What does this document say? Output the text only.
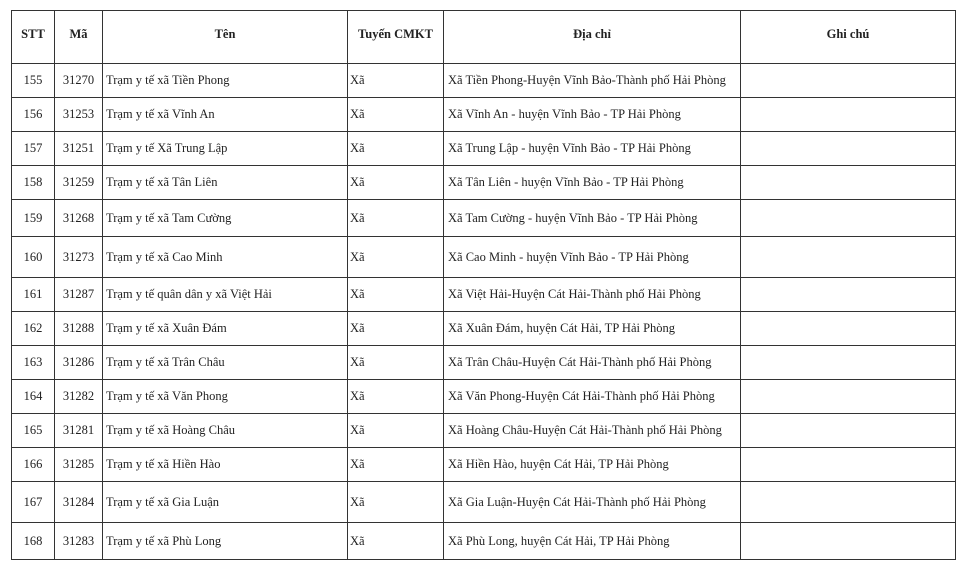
STT	Mã	Tên	Tuyến CMKT	Địa chỉ	Ghi chú
155	31270	Trạm y tế xã Tiền Phong	Xã	Xã Tiền Phong-Huyện Vĩnh Bảo-Thành phố Hải Phòng	
156	31253	Trạm y tế xã Vĩnh An	Xã	Xã Vĩnh An - huyện Vĩnh Bảo - TP Hải Phòng	
157	31251	Trạm y tế Xã Trung Lập	Xã	Xã Trung Lập - huyện Vĩnh Bảo - TP Hải Phòng	
158	31259	Trạm y tế xã Tân Liên	Xã	Xã Tân Liên - huyện Vĩnh Bảo - TP Hải Phòng	
159	31268	Trạm y tế xã Tam Cường	Xã	Xã Tam Cường - huyện Vĩnh Bảo - TP Hải Phòng	
160	31273	Trạm y tế xã Cao Minh	Xã	Xã Cao Minh - huyện Vĩnh Bảo - TP Hải Phòng	
161	31287	Trạm y tế quân dân y xã Việt Hải	Xã	Xã Việt Hải-Huyện Cát Hải-Thành phố Hải Phòng	
162	31288	Trạm y tế xã Xuân Đám	Xã	Xã Xuân Đám, huyện Cát Hải, TP Hải Phòng	
163	31286	Trạm y tế xã Trân Châu	Xã	Xã Trân Châu-Huyện Cát Hải-Thành phố Hải Phòng	
164	31282	Trạm y tế xã Văn Phong	Xã	Xã Văn Phong-Huyện Cát Hải-Thành phố Hải Phòng	
165	31281	Trạm y tế xã Hoàng Châu	Xã	Xã Hoàng Châu-Huyện Cát Hải-Thành phố Hải Phòng	
166	31285	Trạm y tế xã Hiền Hào	Xã	Xã Hiền Hào, huyện Cát Hải, TP Hải Phòng	
167	31284	Trạm y tế xã Gia Luận	Xã	Xã Gia Luận-Huyện Cát Hải-Thành phố Hải Phòng	
168	31283	Trạm y tế xã Phù Long	Xã	Xã Phù Long, huyện Cát Hải, TP Hải Phòng	
